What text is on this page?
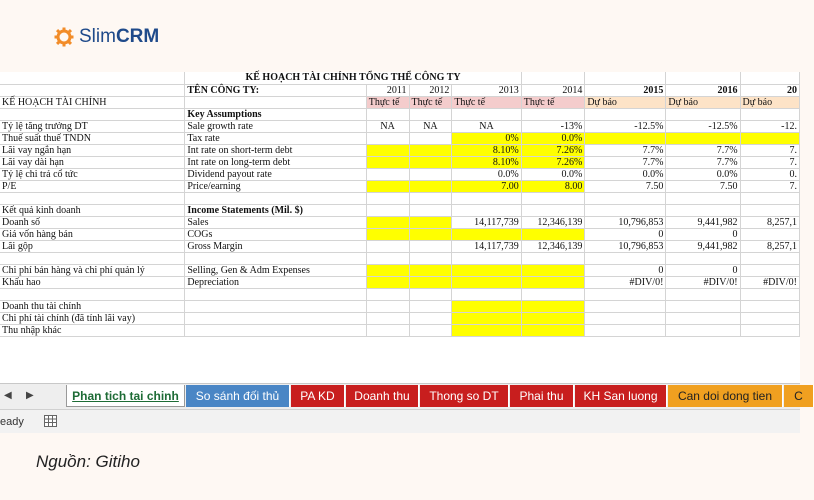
SlimCRM
	KẾ HOẠCH TÀI CHÍNH TỔNG THỂ CÔNG TY							
	TÊN CÔNG TY:	2011	2012	2013	2014	2015	2016	20
KẾ HOẠCH TÀI CHÍNH		Thực tế	Thực tế	Thực tế	Thực tế	Dự báo	Dự báo	Dự báo
	Key Assumptions							
Tỷ lệ tăng trưởng DT	Sale growth rate	NA	NA	NA	-13%	-12.5%	-12.5%	-12.
Thuế suất thuế TNDN	Tax rate			0%	0.0%			
Lãi vay ngắn hạn	Int rate on short-term debt			8.10%	7.26%	7.7%	7.7%	7.
Lãi vay dài hạn	Int rate on long-term debt			8.10%	7.26%	7.7%	7.7%	7.
Tỷ lệ chi trả cổ tức	Dividend payout rate			0.0%	0.0%	0.0%	0.0%	0.
P/E	Price/earning			7.00	8.00	7.50	7.50	7.

Kết quả kinh doanh	Income Statements (Mil. $)							
Doanh số	Sales			14,117,739	12,346,139	10,796,853	9,441,982	8,257,1
Giá vốn hàng bán	COGs					0	0	
Lãi gộp	Gross Margin			14,117,739	12,346,139	10,796,853	9,441,982	8,257,1

Chi phí bán hàng và chi phí quản lý	Selling, Gen & Adm Expenses					0	0	
Khấu hao	Depreciation					#DIV/0!	#DIV/0!	#DIV/0!

Doanh thu tài chính								
Chi phí tài chính (đã tính lãi vay)								
Thu nhập khác								
◀ ▶	Phan tich tai chinh	So sánh đối thủ	PA KD	Doanh thu	Thong so DT	Phai thu	KH San luong	Can doi dong tien	C
eady
Nguồn: Gitiho
